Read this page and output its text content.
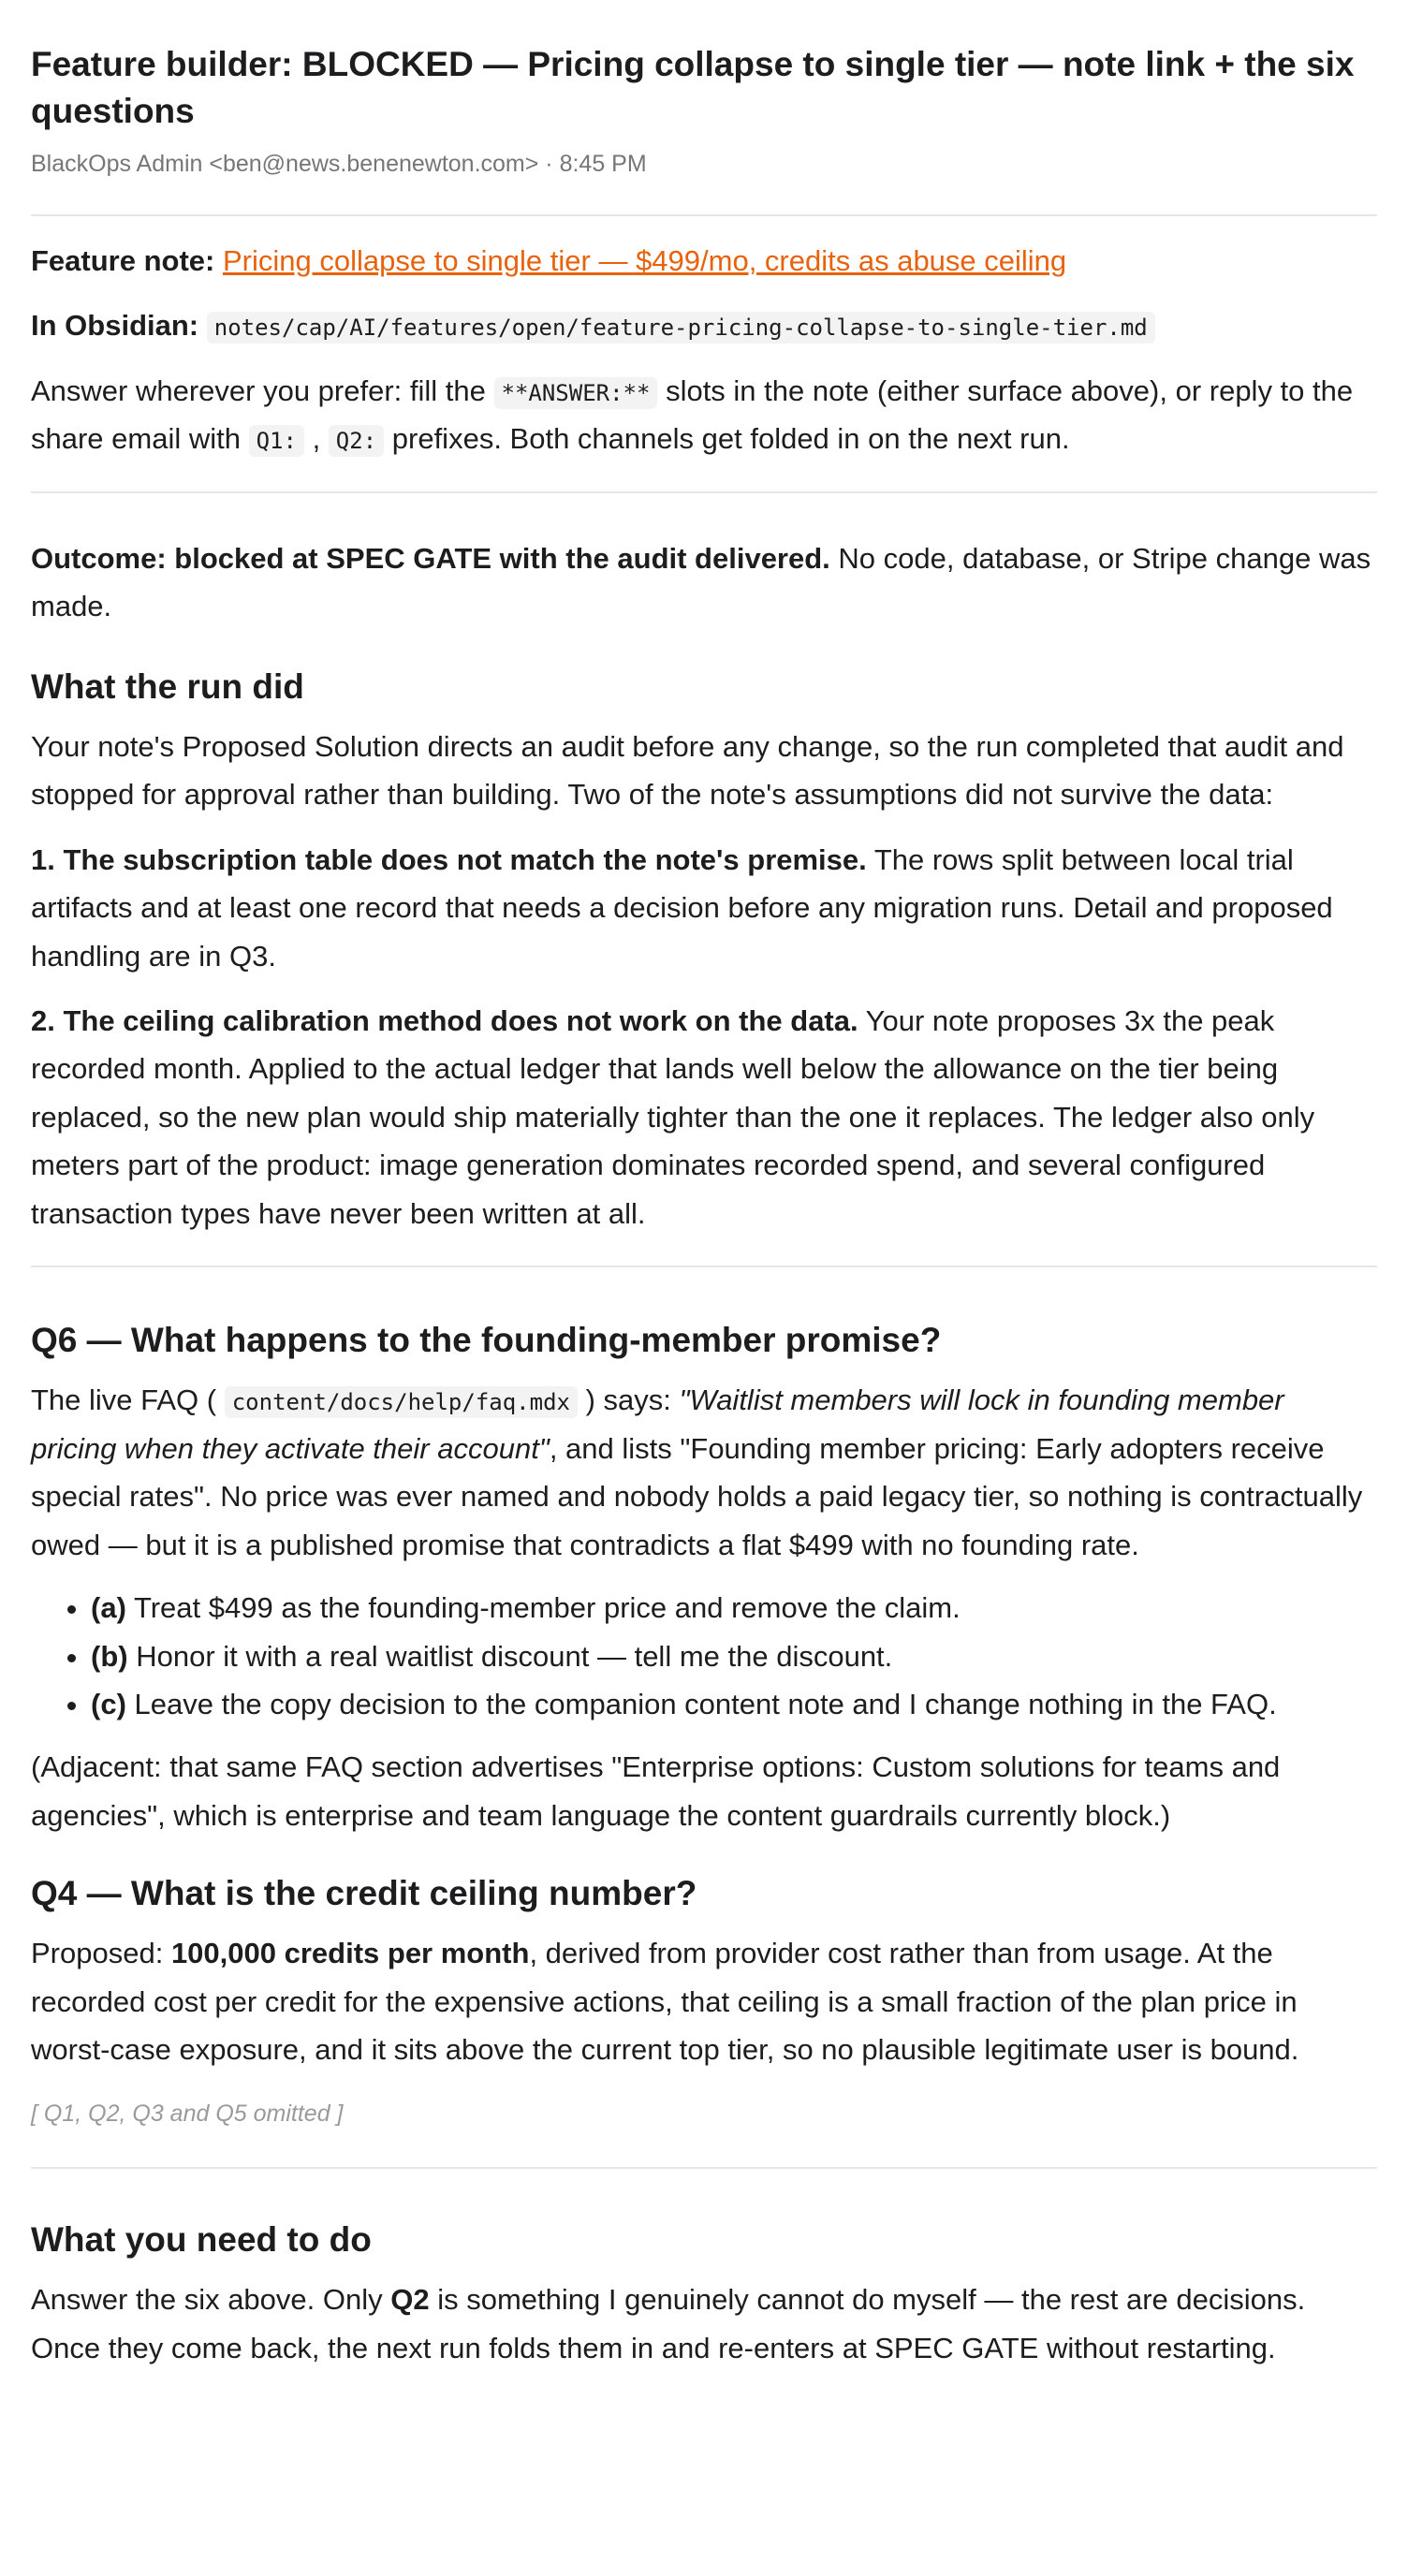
Feature builder: BLOCKED — Pricing collapse to single tier — note link + the six questions
BlackOps Admin <ben@news.benenewton.com> · 8:45 PM

Feature note: Pricing collapse to single tier — $499/mo, credits as abuse ceiling

In Obsidian: notes/cap/AI/features/open/feature-pricing-collapse-to-single-tier.md

Answer wherever you prefer: fill the **ANSWER:** slots in the note (either surface above), or reply to the share email with Q1: , Q2: prefixes. Both channels get folded in on the next run.

Outcome: blocked at SPEC GATE with the audit delivered. No code, database, or Stripe change was made.

What the run did

Your note's Proposed Solution directs an audit before any change, so the run completed that audit and stopped for approval rather than building. Two of the note's assumptions did not survive the data:

1. The subscription table does not match the note's premise. The rows split between local trial artifacts and at least one record that needs a decision before any migration runs. Detail and proposed handling are in Q3.

2. The ceiling calibration method does not work on the data. Your note proposes 3x the peak recorded month. Applied to the actual ledger that lands well below the allowance on the tier being replaced, so the new plan would ship materially tighter than the one it replaces. The ledger also only meters part of the product: image generation dominates recorded spend, and several configured transaction types have never been written at all.

Q6 — What happens to the founding-member promise?

The live FAQ ( content/docs/help/faq.mdx ) says: "Waitlist members will lock in founding member pricing when they activate their account", and lists "Founding member pricing: Early adopters receive special rates". No price was ever named and nobody holds a paid legacy tier, so nothing is contractually owed — but it is a published promise that contradicts a flat $499 with no founding rate.

• (a) Treat $499 as the founding-member price and remove the claim.
• (b) Honor it with a real waitlist discount — tell me the discount.
• (c) Leave the copy decision to the companion content note and I change nothing in the FAQ.

(Adjacent: that same FAQ section advertises "Enterprise options: Custom solutions for teams and agencies", which is enterprise and team language the content guardrails currently block.)

Q4 — What is the credit ceiling number?

Proposed: 100,000 credits per month, derived from provider cost rather than from usage. At the recorded cost per credit for the expensive actions, that ceiling is a small fraction of the plan price in worst-case exposure, and it sits above the current top tier, so no plausible legitimate user is bound.

[ Q1, Q2, Q3 and Q5 omitted ]

What you need to do

Answer the six above. Only Q2 is something I genuinely cannot do myself — the rest are decisions. Once they come back, the next run folds them in and re-enters at SPEC GATE without restarting.
